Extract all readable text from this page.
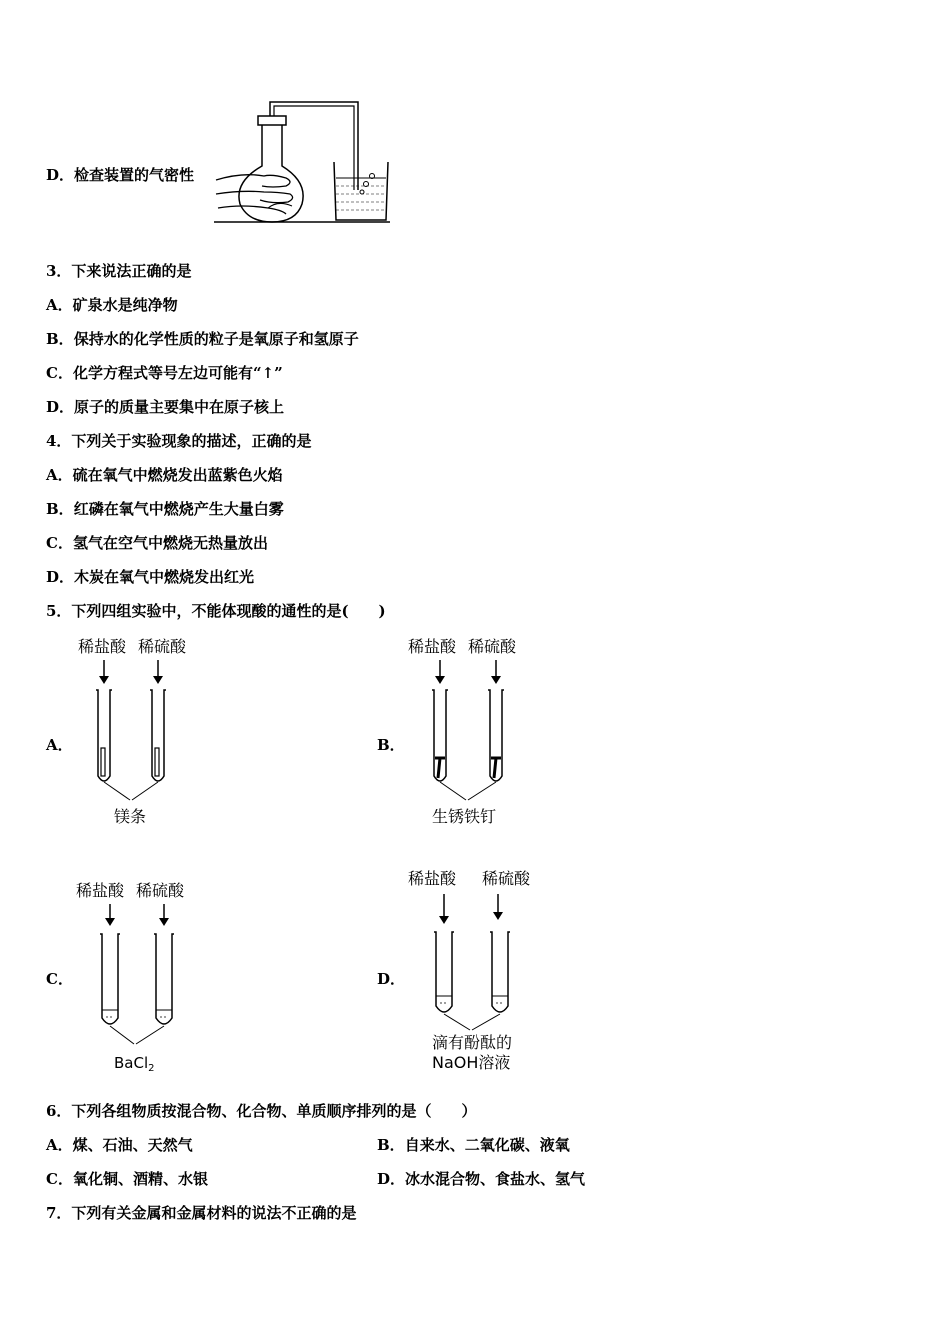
D．检查装置的气密性
3．下来说法正确的是
A．矿泉水是纯净物
B．保持水的化学性质的粒子是氧原子和氢原子
C．化学方程式等号左边可能有“↑”
D．原子的质量主要集中在原子核上
4．下列关于实验现象的描述，正确的是
A．硫在氧气中燃烧发出蓝紫色火焰
B．红磷在氧气中燃烧产生大量白雾
C．氢气在空气中燃烧无热量放出
D．木炭在氧气中燃烧发出红光
5．下列四组实验中，不能体现酸的通性的是(　　)
A．
稀盐酸 稀硫酸
镁条
B．
稀盐酸 稀硫酸
生锈铁钉
C．
稀盐酸 稀硫酸
BaCl$_2$
D．
稀盐酸 稀硫酸
滴有酚酞的
NaOH溶液
6．下列各组物质按混合物、化合物、单质顺序排列的是（　　）
A．煤、石油、天然气	B．自来水、二氧化碳、液氧
C．氧化铜、酒精、水银	D．冰水混合物、食盐水、氢气
7．下列有关金属和金属材料的说法不正确的是
